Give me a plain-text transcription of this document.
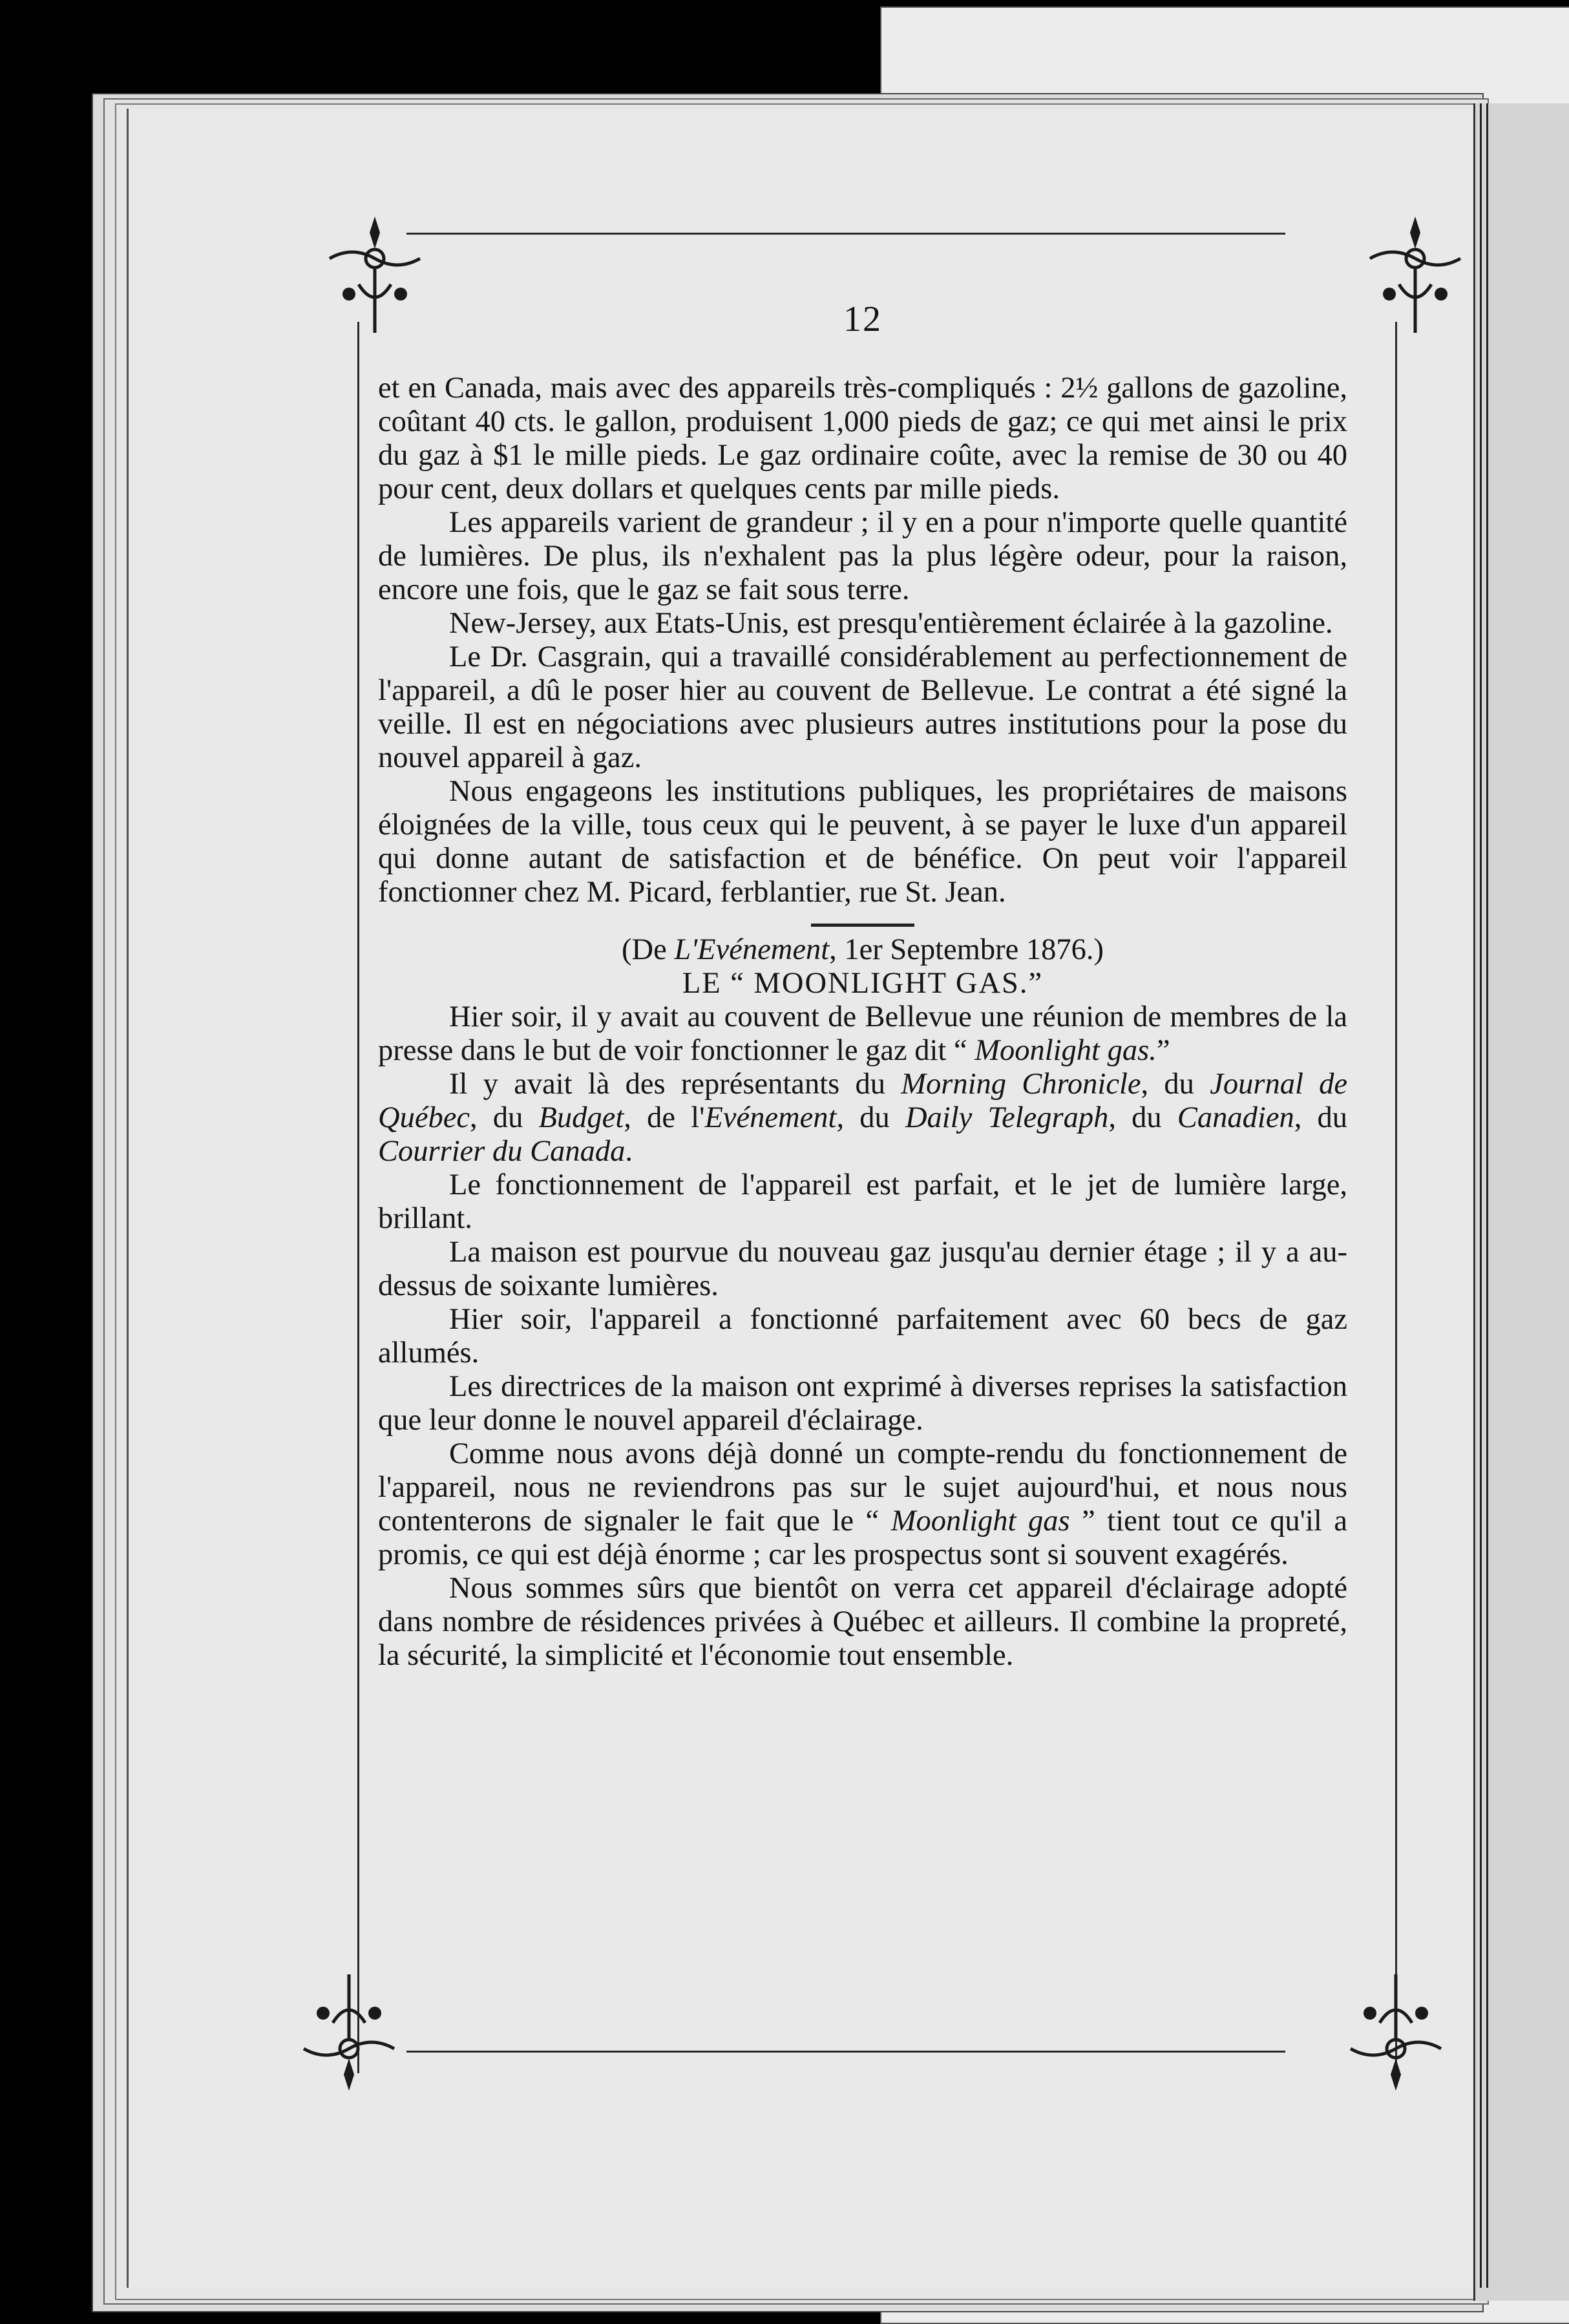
12

et en Canada, mais avec des appareils très-compliqués : 2½ gallons de gazoline, coûtant 40 cts. le gallon, produisent 1,000 pieds de gaz; ce qui met ainsi le prix du gaz à $1 le mille pieds. Le gaz ordinaire coûte, avec la remise de 30 ou 40 pour cent, deux dollars et quelques cents par mille pieds.

Les appareils varient de grandeur ; il y en a pour n'importe quelle quantité de lumières. De plus, ils n'exhalent pas la plus légère odeur, pour la raison, encore une fois, que le gaz se fait sous terre.

New-Jersey, aux Etats-Unis, est presqu'entièrement éclairée à la gazoline.

Le Dr. Casgrain, qui a travaillé considérablement au perfectionnement de l'appareil, a dû le poser hier au couvent de Bellevue. Le contrat a été signé la veille. Il est en négociations avec plusieurs autres institutions pour la pose du nouvel appareil à gaz.

Nous engageons les institutions publiques, les propriétaires de maisons éloignées de la ville, tous ceux qui le peuvent, à se payer le luxe d'un appareil qui donne autant de satisfaction et de bénéfice. On peut voir l'appareil fonctionner chez M. Picard, ferblantier, rue St. Jean.

(De L'Evénement, 1er Septembre 1876.)

LE “ MOONLIGHT GAS.”

Hier soir, il y avait au couvent de Bellevue une réunion de membres de la presse dans le but de voir fonctionner le gaz dit “ Moonlight gas.”

Il y avait là des représentants du Morning Chronicle, du Journal de Québec, du Budget, de l'Evénement, du Daily Telegraph, du Canadien, du Courrier du Canada.

Le fonctionnement de l'appareil est parfait, et le jet de lumière large, brillant.

La maison est pourvue du nouveau gaz jusqu'au dernier étage ; il y a au-dessus de soixante lumières.

Hier soir, l'appareil a fonctionné parfaitement avec 60 becs de gaz allumés.

Les directrices de la maison ont exprimé à diverses reprises la satisfaction que leur donne le nouvel appareil d'éclairage.

Comme nous avons déjà donné un compte-rendu du fonctionnement de l'appareil, nous ne reviendrons pas sur le sujet aujourd'hui, et nous nous contenterons de signaler le fait que le “ Moonlight gas ” tient tout ce qu'il a promis, ce qui est déjà énorme ; car les prospectus sont si souvent exagérés.

Nous sommes sûrs que bientôt on verra cet appareil d'éclairage adopté dans nombre de résidences privées à Québec et ailleurs. Il combine la propreté, la sécurité, la simplicité et l'économie tout ensemble.
